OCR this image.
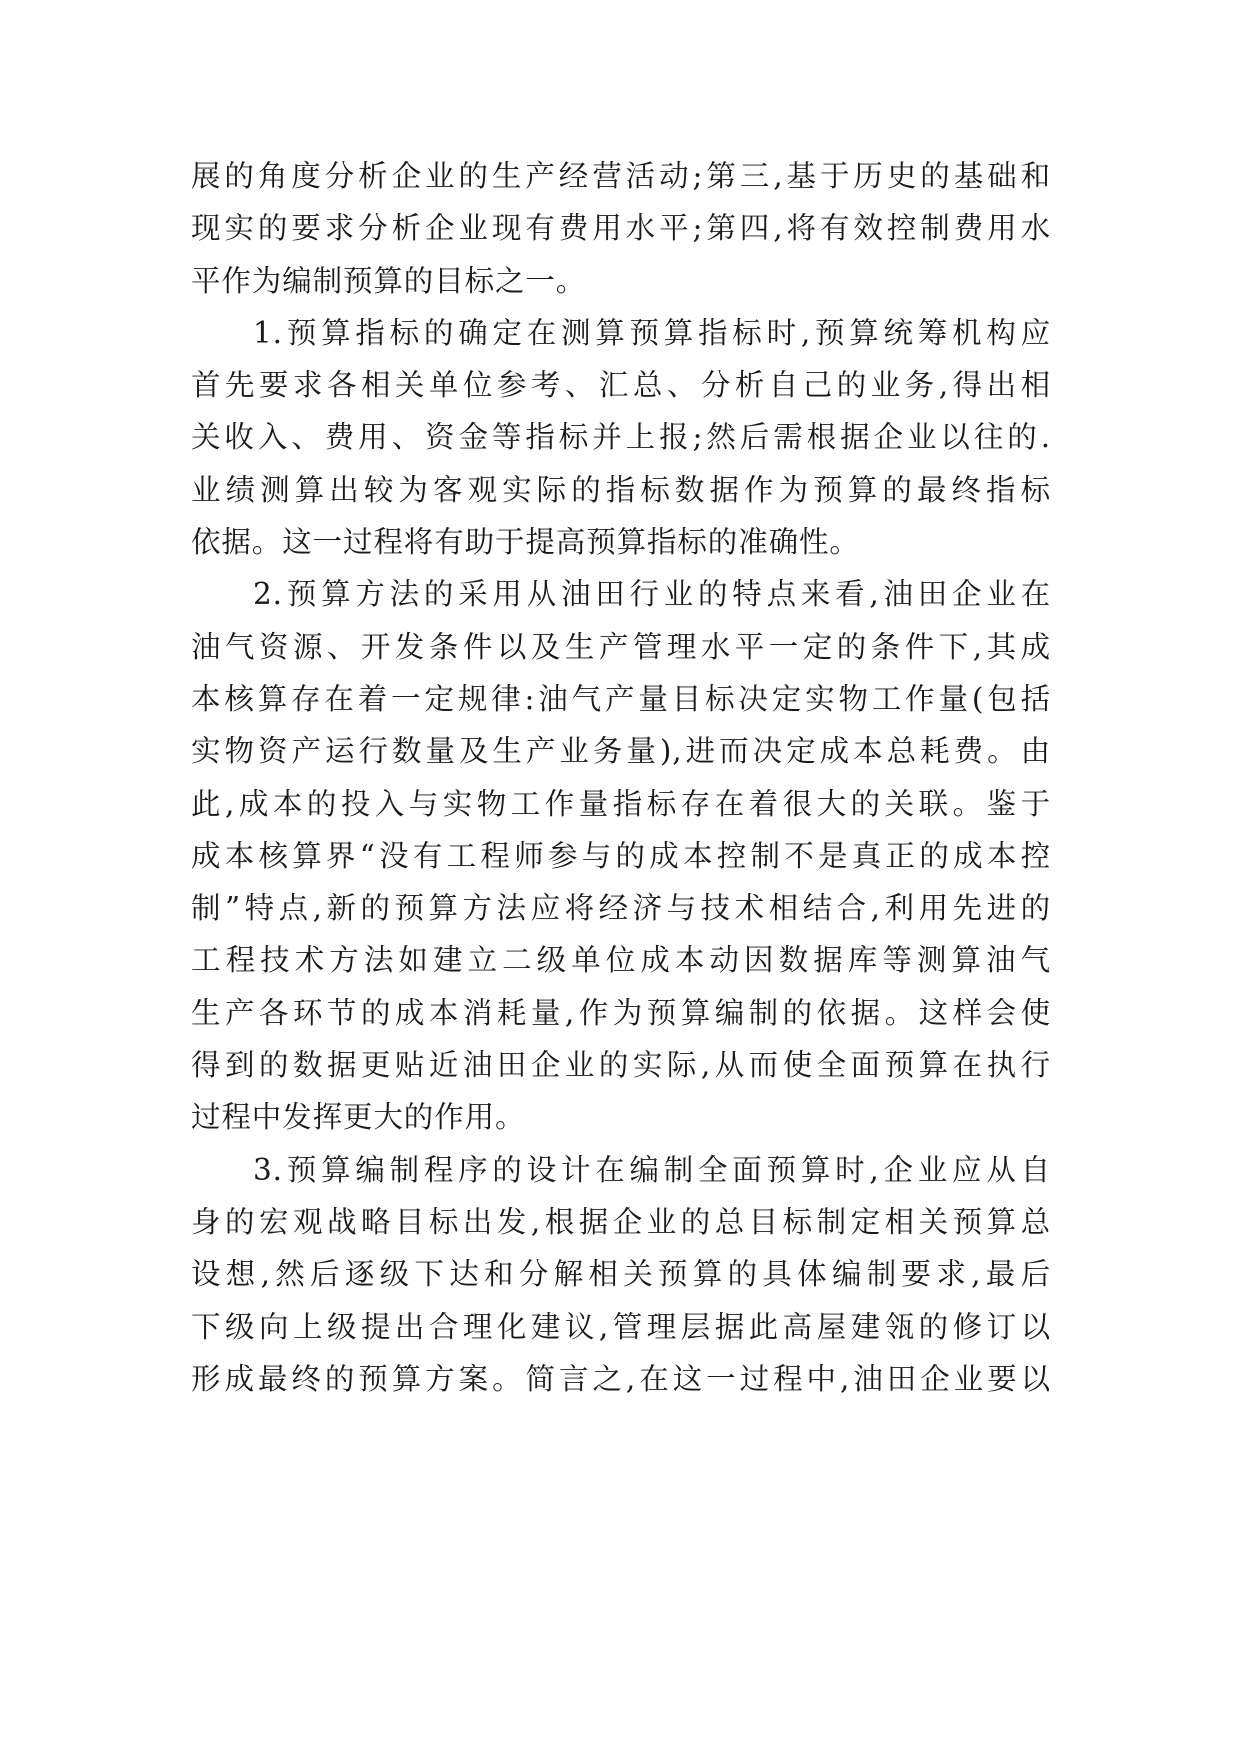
展的角度分析企业的生产经营活动;第三,基于历史的基础和
现实的要求分析企业现有费用水平;第四,将有效控制费用水
平作为编制预算的目标之一。
1.预算指标的确定在测算预算指标时,预算统筹机构应
首先要求各相关单位参考、汇总、分析自己的业务,得出相
关收入、费用、资金等指标并上报;然后需根据企业以往的.
业绩测算出较为客观实际的指标数据作为预算的最终指标
依据。这一过程将有助于提高预算指标的准确性。
2.预算方法的采用从油田行业的特点来看,油田企业在
油气资源、开发条件以及生产管理水平一定的条件下,其成
本核算存在着一定规律:油气产量目标决定实物工作量(包括
实物资产运行数量及生产业务量),进而决定成本总耗费。由
此,成本的投入与实物工作量指标存在着很大的关联。鉴于
成本核算界“没有工程师参与的成本控制不是真正的成本控
制”特点,新的预算方法应将经济与技术相结合,利用先进的
工程技术方法如建立二级单位成本动因数据库等测算油气
生产各环节的成本消耗量,作为预算编制的依据。这样会使
得到的数据更贴近油田企业的实际,从而使全面预算在执行
过程中发挥更大的作用。
3.预算编制程序的设计在编制全面预算时,企业应从自
身的宏观战略目标出发,根据企业的总目标制定相关预算总
设想,然后逐级下达和分解相关预算的具体编制要求,最后
下级向上级提出合理化建议,管理层据此高屋建瓴的修订以
形成最终的预算方案。简言之,在这一过程中,油田企业要以
